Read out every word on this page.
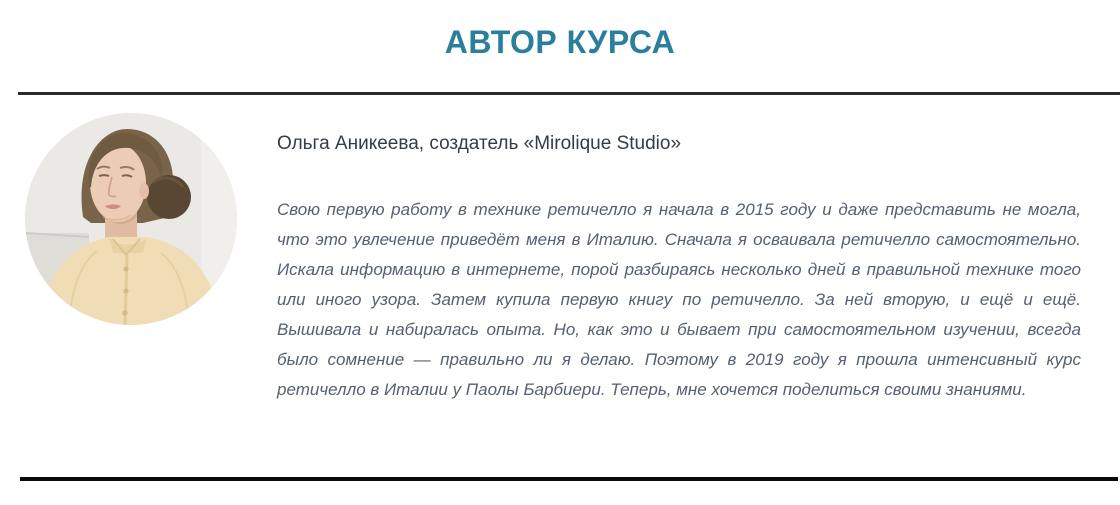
АВТОР КУРСА
Ольга Аникеева, создатель «Mirolique Studio»

Свою первую работу в технике ретичелло я начала в 2015 году и даже представить не могла, что это увлечение приведёт меня в Италию. Сначала я осваивала ретичелло самостоятельно. Искала информацию в интернете, порой разбираясь несколько дней в правильной технике того или иного узора. Затем купила первую книгу по ретичелло. За ней вторую, и ещё и ещё. Вышивала и набиралась опыта. Но, как это и бывает при самостоятельном изучении, всегда было сомнение — правильно ли я делаю. Поэтому в 2019 году я прошла интенсивный курс ретичелло в Италии у Паолы Барбиери. Теперь, мне хочется поделиться своими знаниями.
